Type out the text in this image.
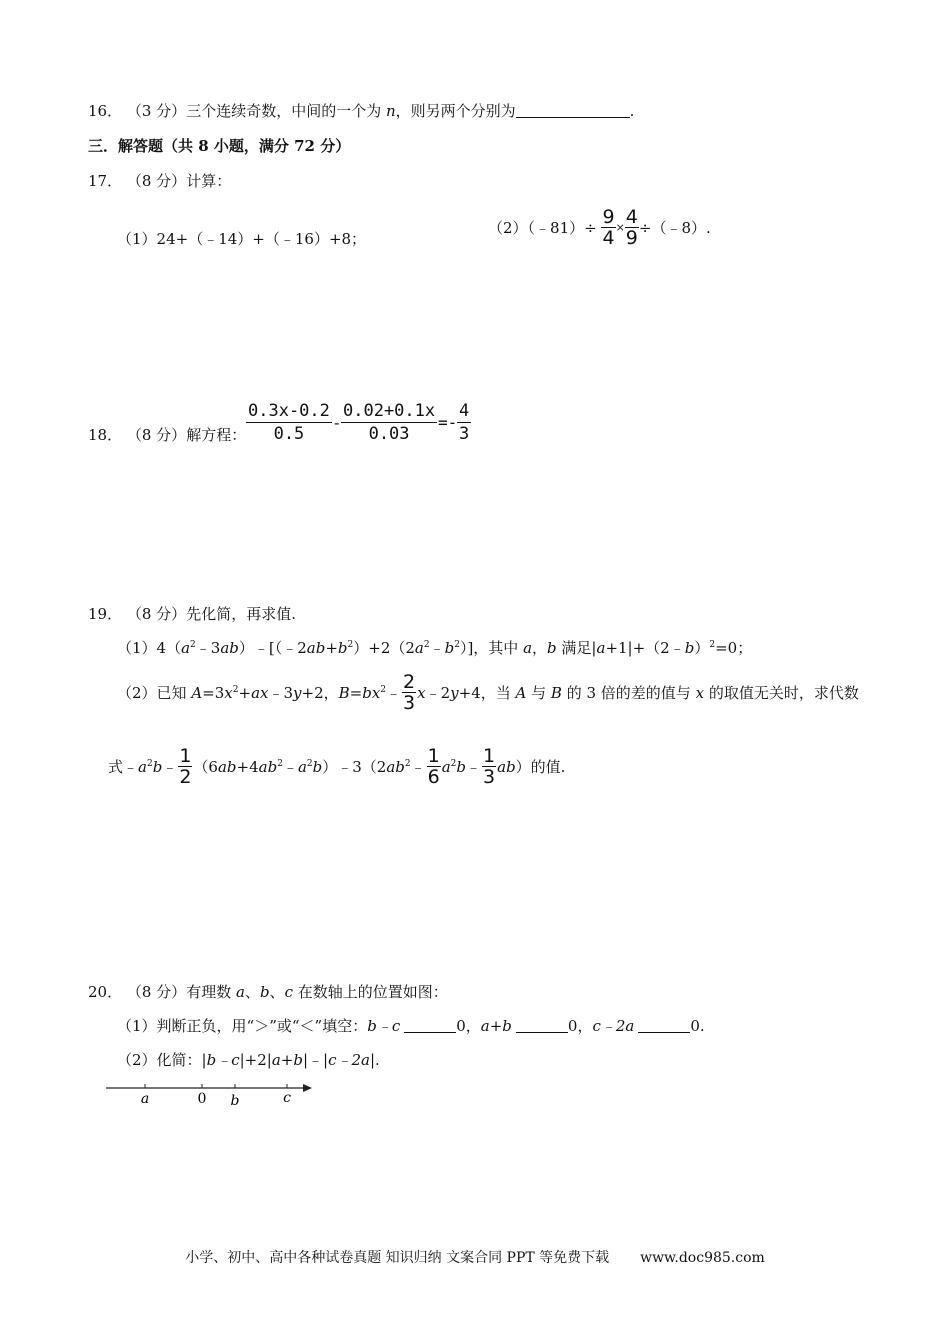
16． （3 分）三个连续奇数，中间的一个为 n，则另两个分别为	.
三．解答题（共 8 小题，满分 72 分）
17． （8 分）计算：
（1）24+（﹣14）+（﹣16）+8；
（2）（﹣81）÷ $\frac{9}{4} \times \frac{4}{9}$ ÷（﹣8）.
18． （8 分）解方程：
0.3x-0.2
0.5
-
0.02+0.1x
0.03
=-
4
3
19． （8 分）先化简，再求值.
$(1)4(a^2﹣3ab)﹣[(﹣2ab+b^2)+2(2a^2﹣b^2)]$，其中 a，b 满足|a+1|+（2﹣b）$^2$=0；
（2）已知 $A=3x^2+ax﹣3y+2$，$B=bx^2﹣ \frac{2}{3}$ x﹣2y+4，当 A 与 B 的 3 倍的差的值与 x 的取值无关时，求代数
式$﹣a^2b﹣ \frac{1}{2}$ $(6ab+4ab^2﹣a^2b)﹣3(2ab^2﹣ \frac{1}{6}$ $a^2b﹣ \frac{1}{3} ab$）的值.
20． （8 分）有理数 a、b、c 在数轴上的位置如图：
（1）判断正负，用“＞”或“＜”填空：b﹣c	0，a+b	0，c﹣2a	0.
（2）化简：|b﹣c|+2|a+b|﹣|c﹣2a|.
a	0 b	c
小学、初中、高中各种试卷真题 知识归纳 文案合同 PPT 等免费下载 www.doc985.com
